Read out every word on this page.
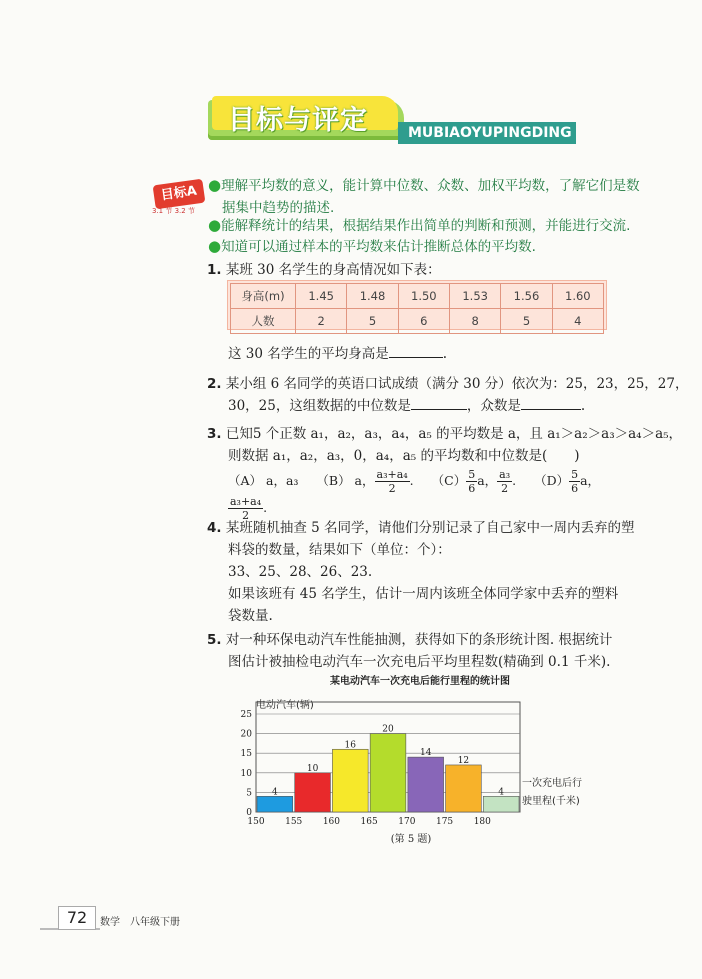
目标与评定	MUBIAOYUPINGDING
目标A
3.1 节 3.2 节
●理解平均数的意义，能计算中位数、众数、加权平均数，了解它们是数
据集中趋势的描述.
●能解释统计的结果，根据结果作出简单的判断和预测，并能进行交流.
●知道可以通过样本的平均数来估计推断总体的平均数.
1. 某班 30 名学生的身高情况如下表：
身高(m)	1.45	1.48	1.50	1.53	1.56	1.60
人数	2	5	6	8	5	4
这 30 名学生的平均身高是	.
2. 某小组 6 名同学的英语口试成绩（满分 30 分）依次为：25，23，25，27，
30，25，这组数据的中位数是	，众数是	.
3. 已知5 个正数 a₁，a₂，a₃，a₄，a₅ 的平均数是 a，且 a₁＞a₂＞a₃＞a₄＞a₅，
则数据 a₁，a₂，a₃，0，a₄，a₅ 的平均数和中位数是(　　)
（A） a，a₃ （B） a， $\frac{\text{a₃+a₄}}{2}$ . $(C) \frac{5}{6}$ a， $\frac{\text{a₃}}{2}$ . $(D) \frac{5}{6}$ a，
$\frac{\text{a₃+a₄}}{2}$ .
4. 某班随机抽查 5 名同学，请他们分别记录了自己家中一周内丢弃的塑
料袋的数量，结果如下（单位：个）：
33、25、28、26、23.
如果该班有 45 名学生，估计一周内该班全体同学家中丢弃的塑料
袋数量.
5. 对一种环保电动汽车性能抽测，获得如下的条形统计图. 根据统计
图估计被抽检电动汽车一次充电后平均里程数(精确到 0.1 千米).
某电动汽车一次充电后能行里程的统计图
电动汽车(辆)
一次充电后行
驶里程(千米)
4
10
16
20
14
12
4
0
5
10
15
20
25
150 155 160 165 170 175 180
(第 5 题)
72	数学　八年级下册
